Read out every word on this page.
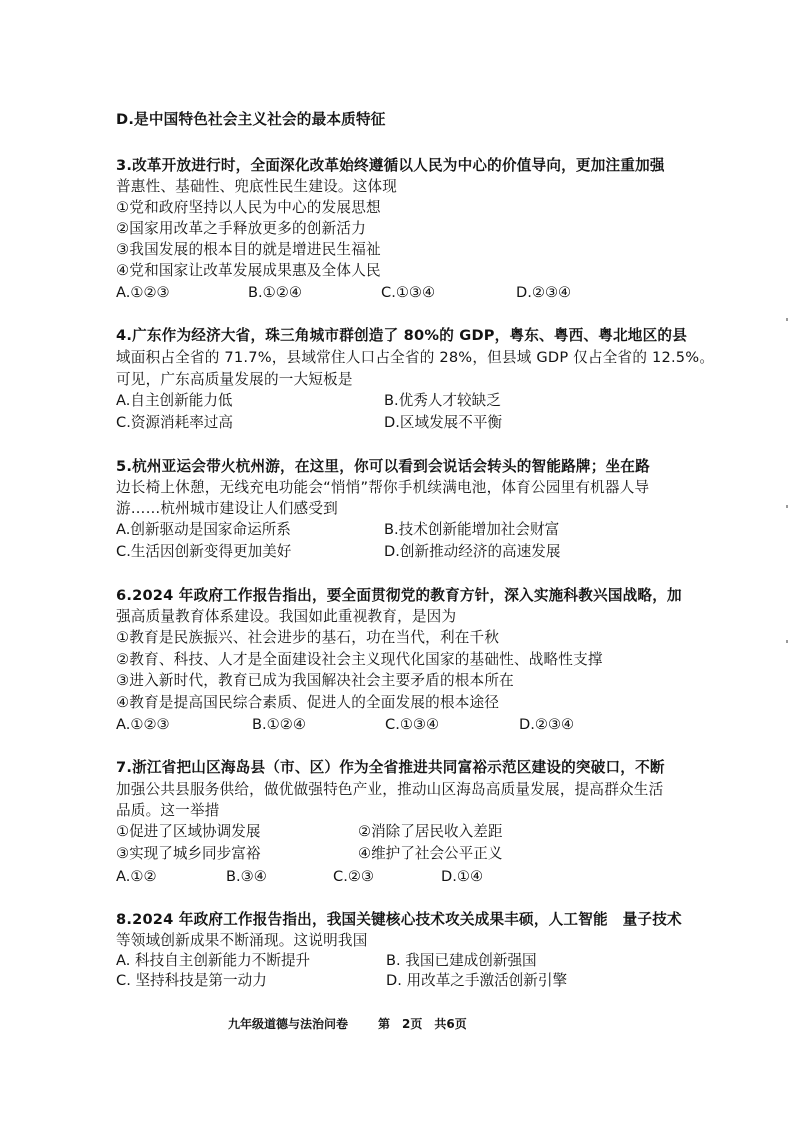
D.是中国特色社会主义社会的最本质特征
3.改革开放进行时，全面深化改革始终遵循以人民为中心的价值导向，更加注重加强
普惠性、基础性、兜底性民生建设。这体现
①党和政府坚持以人民为中心的发展思想
②国家用改革之手释放更多的创新活力
③我国发展的根本目的就是增进民生福祉
④党和国家让改革发展成果惠及全体人民
A.①②③	B.①②④	C.①③④	D.②③④
4.广东作为经济大省，珠三角城市群创造了 80%的 GDP，粤东、粤西、粤北地区的县
域面积占全省的 71.7%，县域常住人口占全省的 28%，但县域 GDP 仅占全省的 12.5%。
可见，广东高质量发展的一大短板是
A.自主创新能力低	B.优秀人才较缺乏
C.资源消耗率过高	D.区域发展不平衡
5.杭州亚运会带火杭州游，在这里，你可以看到会说话会转头的智能路牌；坐在路
边长椅上休憩，无线充电功能会“悄悄”帮你手机续满电池，体育公园里有机器人导
游……杭州城市建设让人们感受到
A.创新驱动是国家命运所系	B.技术创新能增加社会财富
C.生活因创新变得更加美好	D.创新推动经济的高速发展
6.2024 年政府工作报告指出，要全面贯彻党的教育方针，深入实施科教兴国战略，加
强高质量教育体系建设。我国如此重视教育，是因为
①教育是民族振兴、社会进步的基石，功在当代，利在千秋
②教育、科技、人才是全面建设社会主义现代化国家的基础性、战略性支撑
③进入新时代，教育已成为我国解决社会主要矛盾的根本所在
④教育是提高国民综合素质、促进人的全面发展的根本途径
A.①②③	B.①②④	C.①③④	D.②③④
7.浙江省把山区海岛县（市、区）作为全省推进共同富裕示范区建设的突破口，不断
加强公共县服务供给，做优做强特色产业，推动山区海岛高质量发展，提高群众生活
品质。这一举措
①促进了区域协调发展	②消除了居民收入差距
③实现了城乡同步富裕	④维护了社会公平正义
A.①②	B.③④	C.②③	D.①④
8.2024 年政府工作报告指出，我国关键核心技术攻关成果丰硕，人工智能　量子技术
等领域创新成果不断涌现。这说明我国
A. 科技自主创新能力不断提升	B. 我国已建成创新强国
C. 坚持科技是第一动力	D. 用改革之手激活创新引擎
九年级道德与法治问卷 第　2页　共6页
